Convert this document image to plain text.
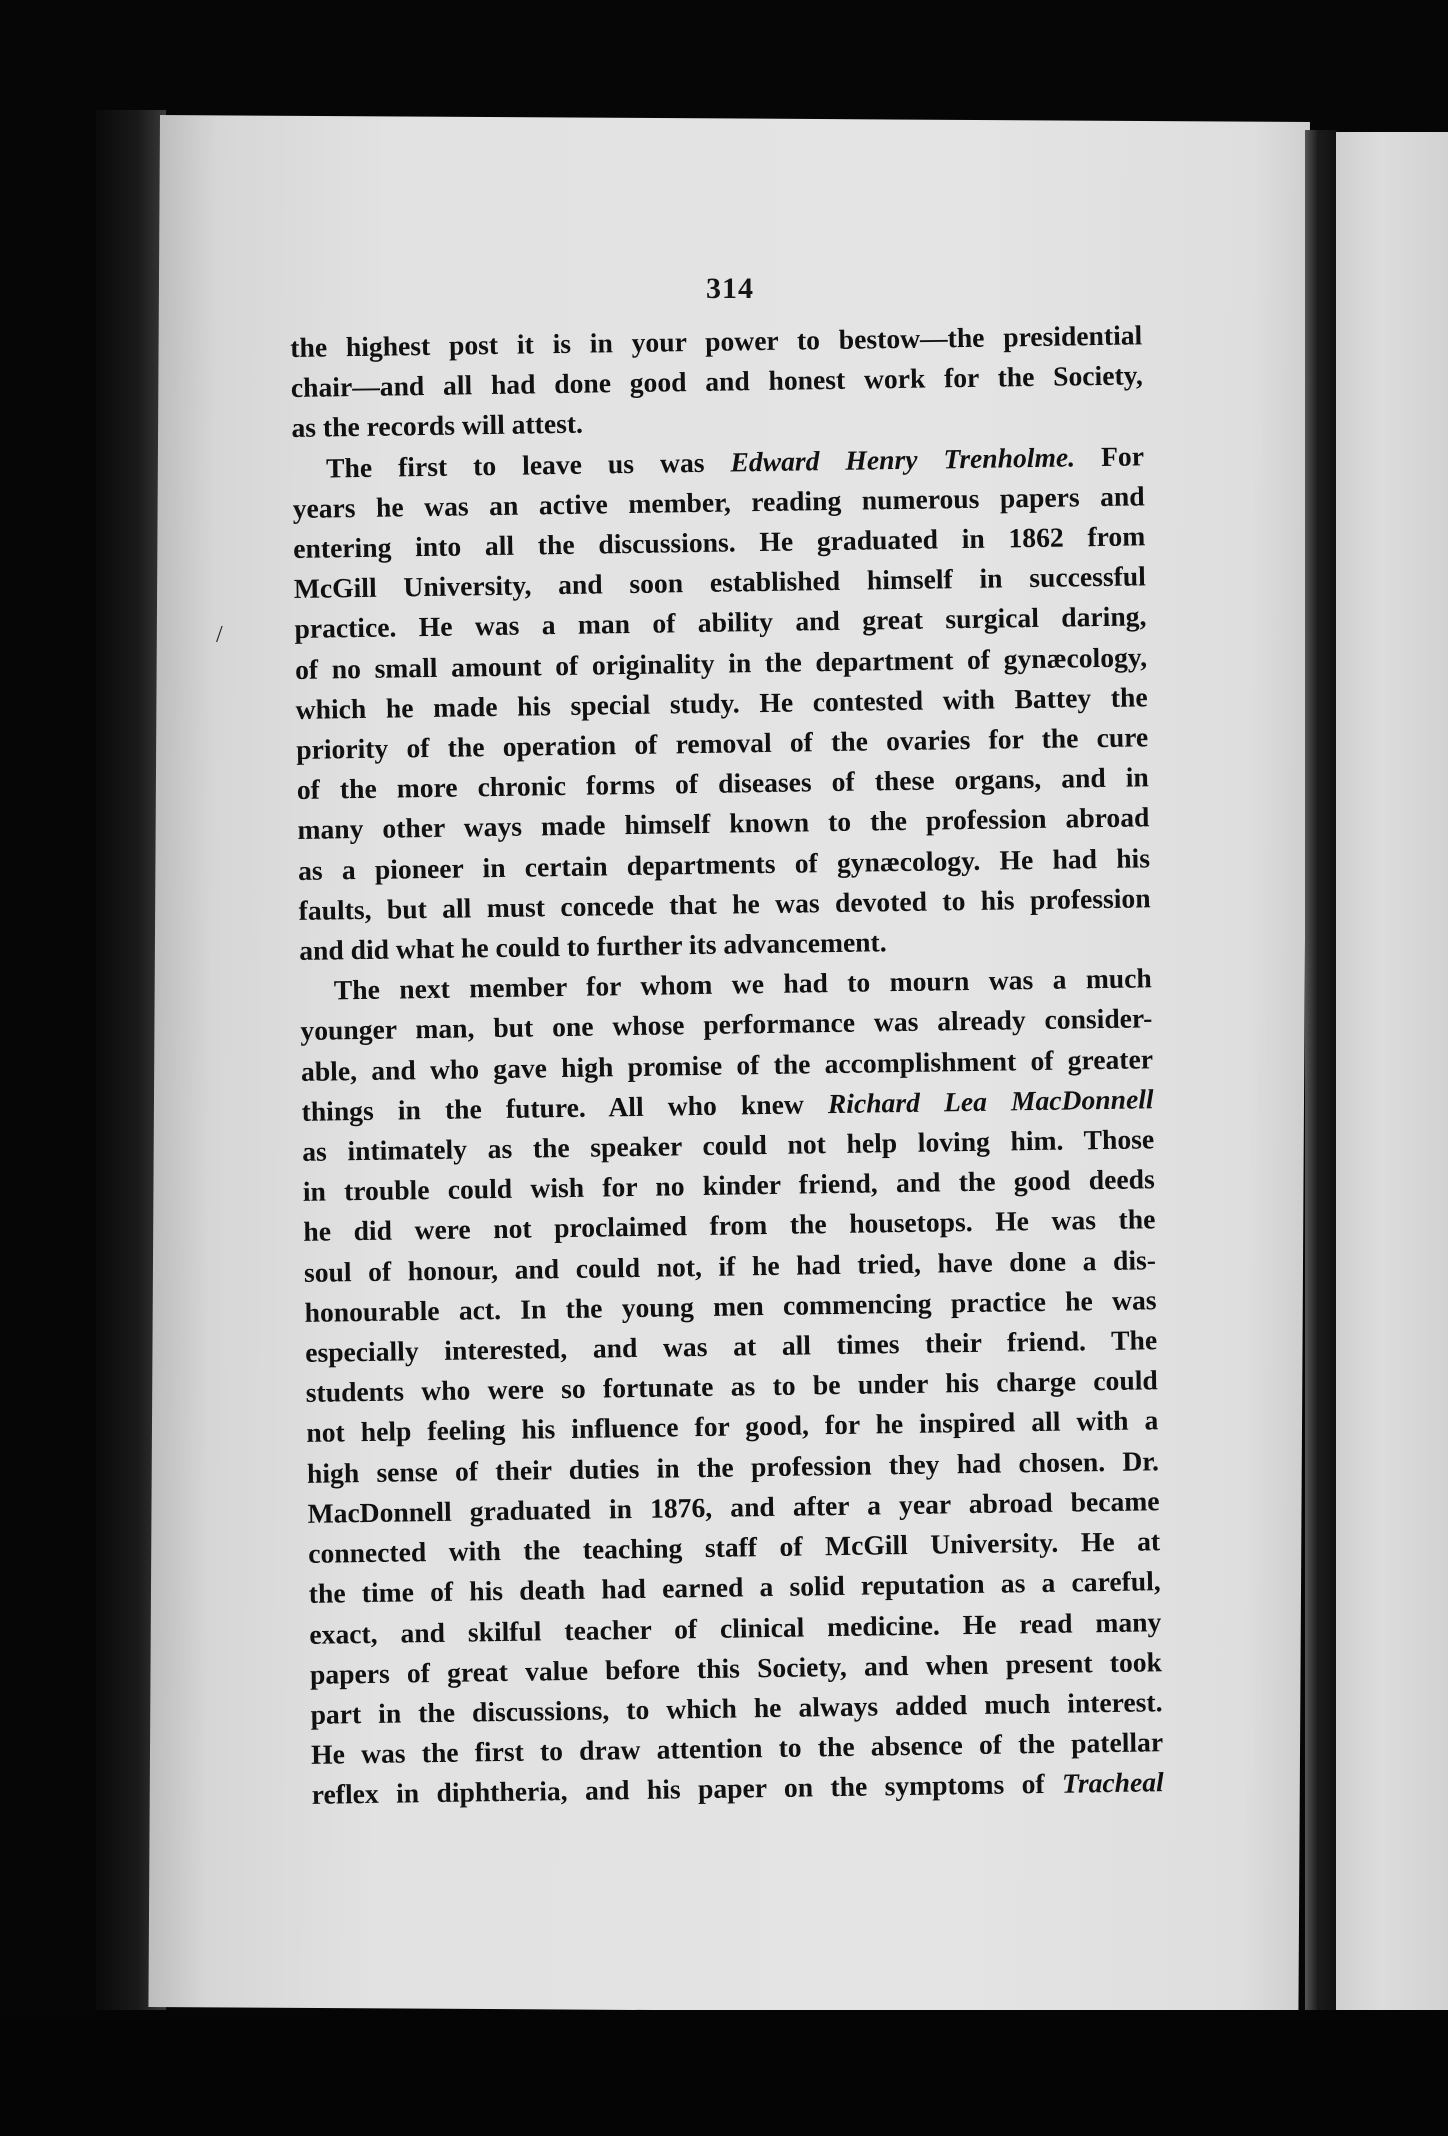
314
the highest post it is in your power to bestow—the presidential
chair—and all had done good and honest work for the Society,
as the records will attest.
The first to leave us was Edward Henry Trenholme. For
years he was an active member, reading numerous papers and
entering into all the discussions. He graduated in 1862 from
McGill University, and soon established himself in successful
practice. He was a man of ability and great surgical daring,
of no small amount of originality in the department of gynæcology,
which he made his special study. He contested with Battey the
priority of the operation of removal of the ovaries for the cure
of the more chronic forms of diseases of these organs, and in
many other ways made himself known to the profession abroad
as a pioneer in certain departments of gynæcology. He had his
faults, but all must concede that he was devoted to his profession
and did what he could to further its advancement.
The next member for whom we had to mourn was a much
younger man, but one whose performance was already consider-
able, and who gave high promise of the accomplishment of greater
things in the future. All who knew Richard Lea MacDonnell
as intimately as the speaker could not help loving him. Those
in trouble could wish for no kinder friend, and the good deeds
he did were not proclaimed from the housetops. He was the
soul of honour, and could not, if he had tried, have done a dis-
honourable act. In the young men commencing practice he was
especially interested, and was at all times their friend. The
students who were so fortunate as to be under his charge could
not help feeling his influence for good, for he inspired all with a
high sense of their duties in the profession they had chosen. Dr.
MacDonnell graduated in 1876, and after a year abroad became
connected with the teaching staff of McGill University. He at
the time of his death had earned a solid reputation as a careful,
exact, and skilful teacher of clinical medicine. He read many
papers of great value before this Society, and when present took
part in the discussions, to which he always added much interest.
He was the first to draw attention to the absence of the patellar
reflex in diphtheria, and his paper on the symptoms of Tracheal
/
